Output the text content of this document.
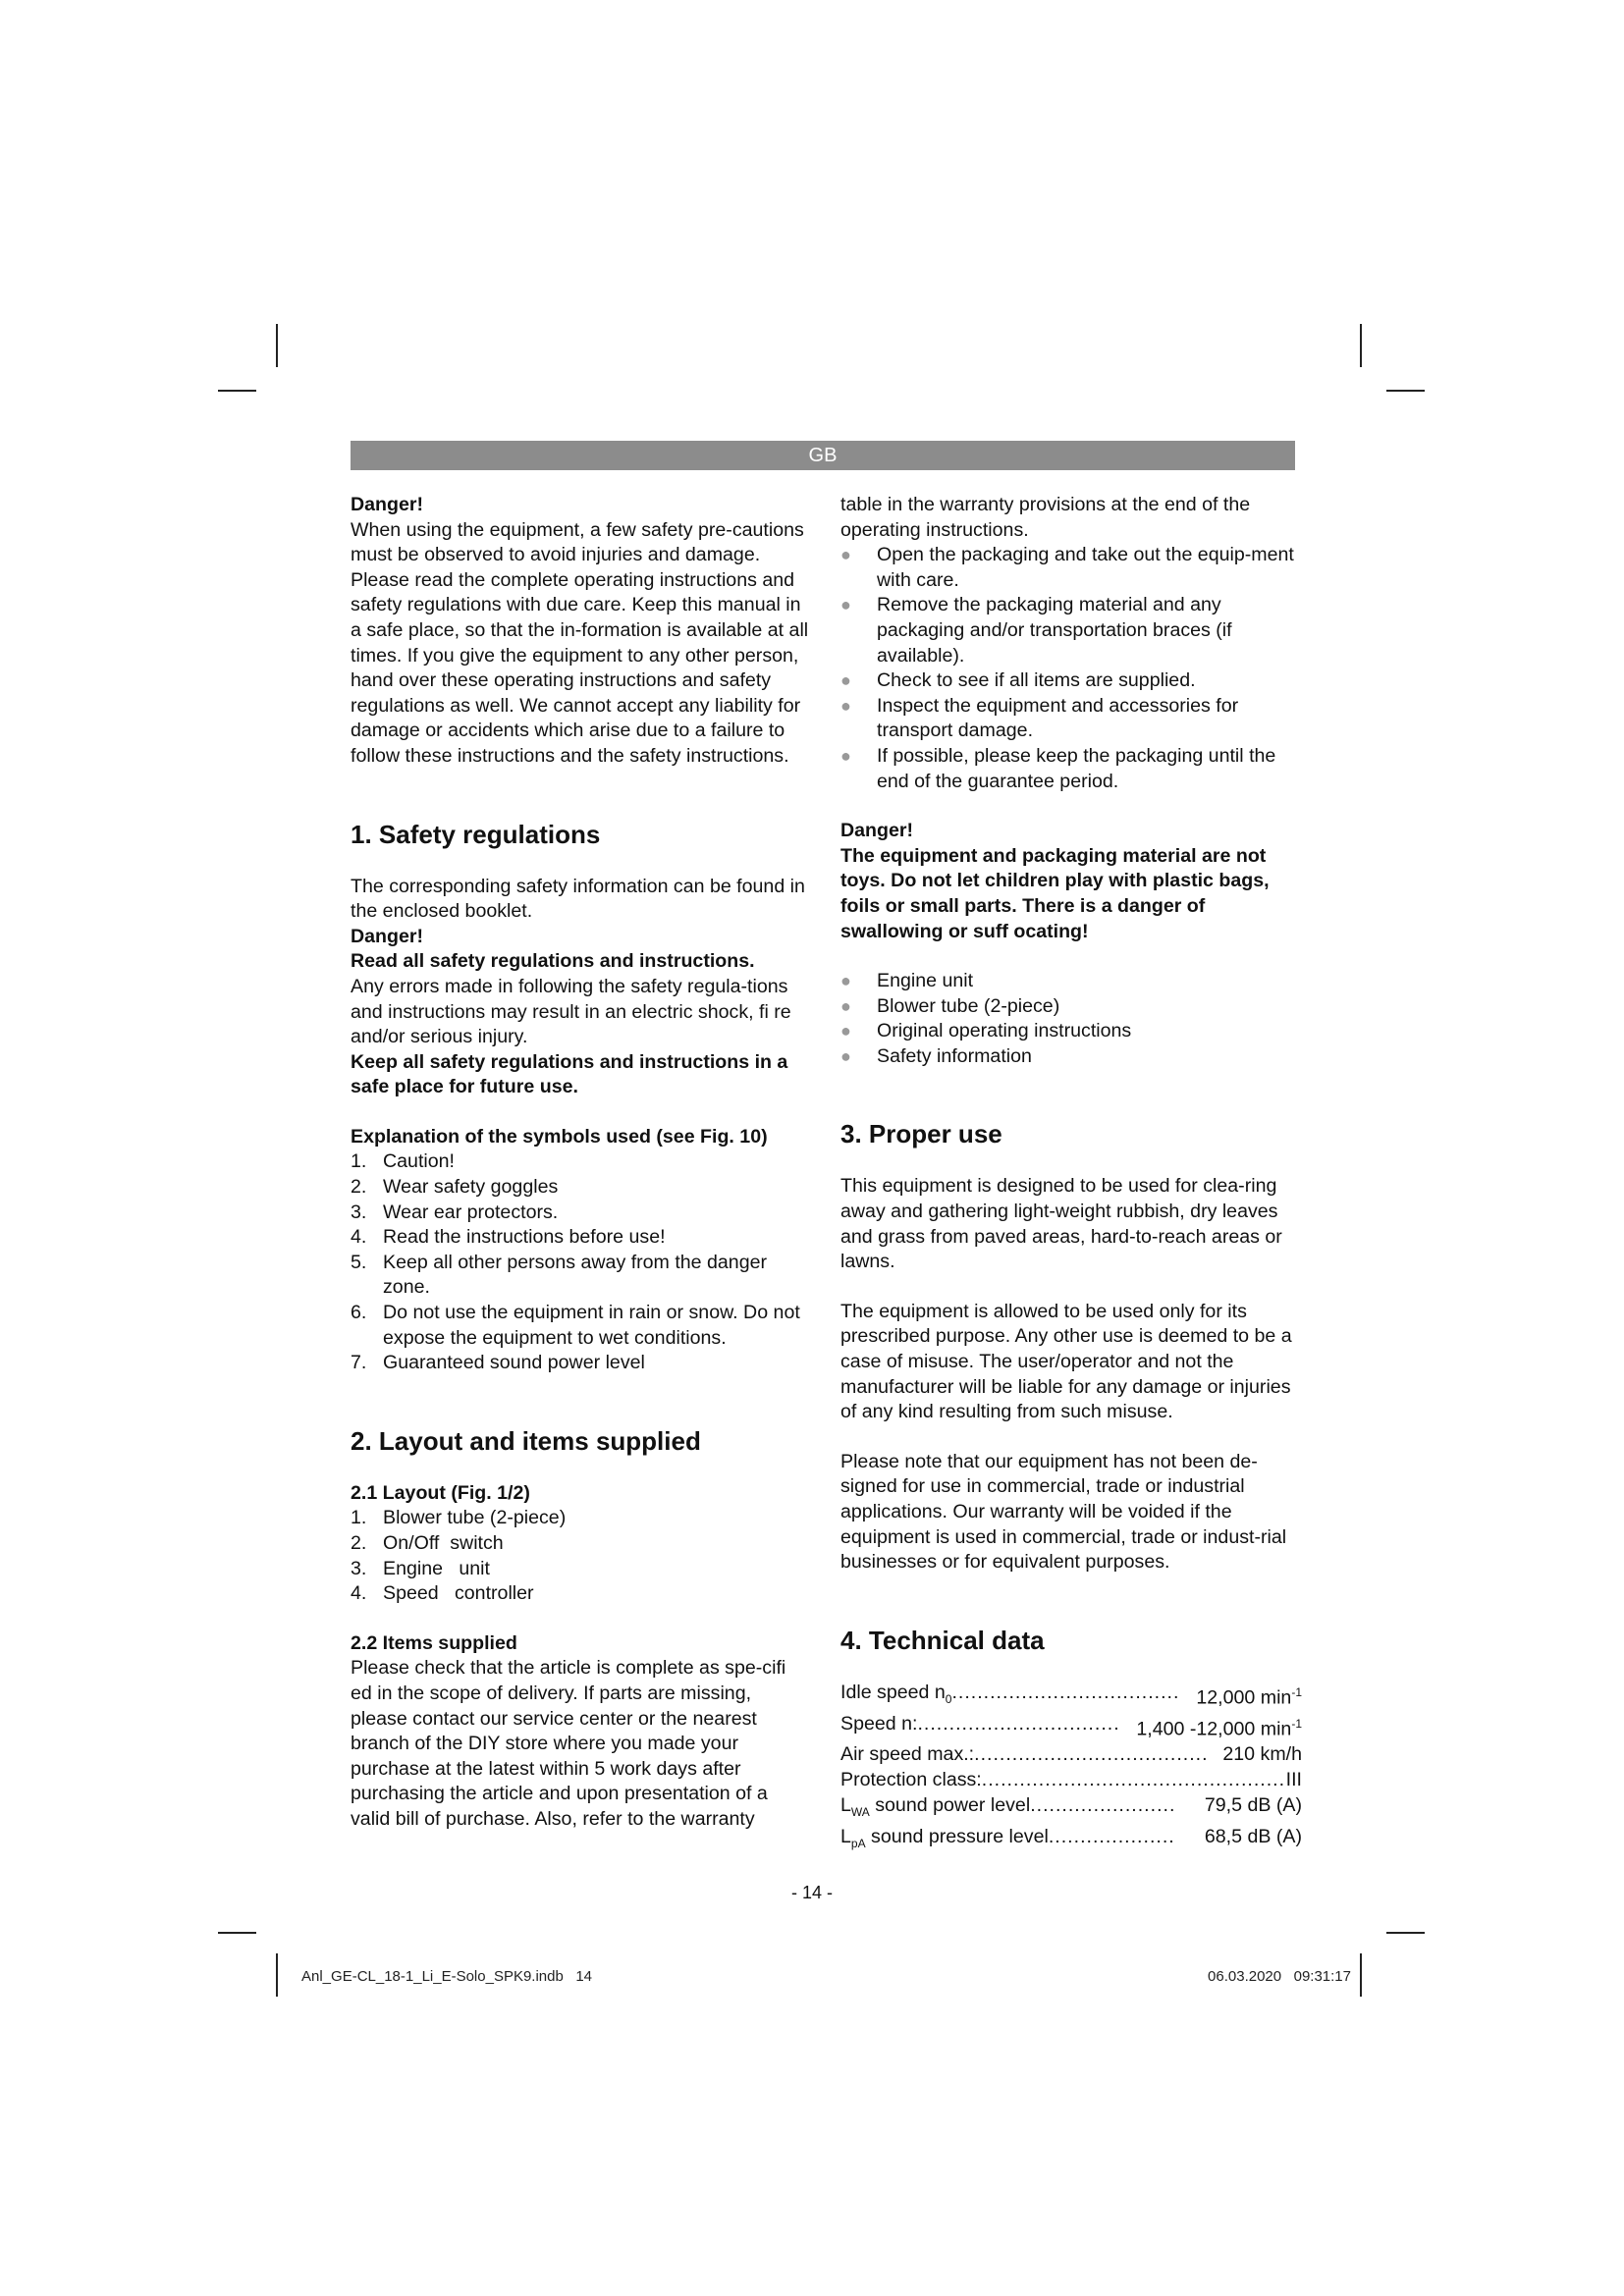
GB
Danger!

When using the equipment, a few safety pre-cautions must be observed to avoid injuries and damage. Please read the complete operating instructions and safety regulations with due care. Keep this manual in a safe place, so that the in-formation is available at all times. If you give the equipment to any other person, hand over these operating instructions and safety regulations as well. We cannot accept any liability for damage or accidents which arise due to a failure to follow these instructions and the safety instructions.

1. Safety regulations

The corresponding safety information can be found in the enclosed booklet.

Danger!

Read all safety regulations and instructions.

Any errors made in following the safety regula-tions and instructions may result in an electric shock, fi re and/or serious injury.

Keep all safety regulations and instructions in a safe place for future use.

Explanation of the symbols used (see Fig. 10)
1. Caution!
2. Wear safety goggles
3. Wear ear protectors.
4. Read the instructions before use!
5. Keep all other persons away from the danger zone.
6. Do not use the equipment in rain or snow. Do not expose the equipment to wet conditions.
7. Guaranteed sound power level
2. Layout and items supplied
2.1 Layout (Fig. 1/2)
1. Blower tube (2-piece)
2. On/Off  switch
3. Engine   unit
4. Speed   controller
2.2 Items supplied

Please check that the article is complete as spe-cifi ed in the scope of delivery. If parts are missing, please contact our service center or the nearest branch of the DIY store where you made your purchase at the latest within 5 work days after purchasing the article and upon presentation of a valid bill of purchase. Also, refer to the warranty

table in the warranty provisions at the end of the operating instructions.

● Open the packaging and take out the equip-ment with care.
● Remove the packaging material and any packaging and/or transportation braces (if available).
● Check to see if all items are supplied.
● Inspect the equipment and accessories for transport damage.
● If possible, please keep the packaging until the end of the guarantee period.
Danger!

The equipment and packaging material are not toys. Do not let children play with plastic bags, foils or small parts. There is a danger of swallowing or suff ocating!

● Engine unit
● Blower tube (2-piece)
● Original operating instructions
● Safety information
3. Proper use

This equipment is designed to be used for clea-ring away and gathering light-weight rubbish, dry leaves and grass from paved areas, hard-to-reach areas or lawns.

The equipment is allowed to be used only for its prescribed purpose. Any other use is deemed to be a case of misuse. The user/operator and not the manufacturer will be liable for any damage or injuries of any kind resulting from such misuse.

Please note that our equipment has not been de-signed for use in commercial, trade or industrial applications. Our warranty will be voided if the equipment is used in commercial, trade or indust-rial businesses or for equivalent purposes.

4. Technical data
Idle speed $n_0$ .................................... 12,000 $\min^{-1}$
Speed n: ................................ 1,400 -12,000 $\min^{-1}$
Air speed max.: ..................................... 210 km/h
Protection class: ................................................ III
$L_{WA}$ sound power level .......................	79,5 dB (A)
$L_{pA}$ sound pressure level ....................	68,5 dB (A)
- 14 -
Anl_GE-CL_18-1_Li_E-Solo_SPK9.indb   14	06.03.2020   09:31:17
